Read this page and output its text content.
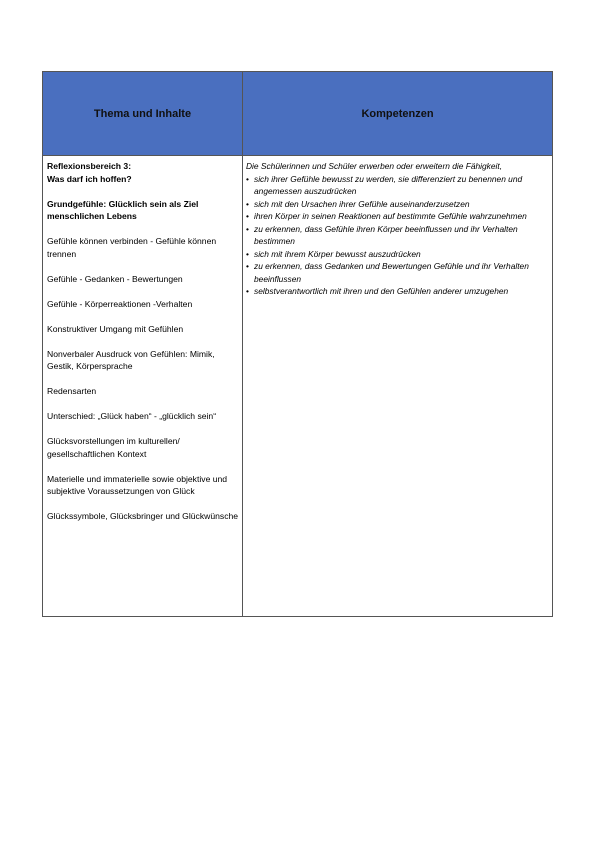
Thema und Inhalte	Kompetenzen

Reflexionsbereich 3:
Was darf ich hoffen?

Grundgefühle: Glücklich sein als Ziel menschlichen Lebens

Gefühle können verbinden - Gefühle können trennen

Gefühle - Gedanken - Bewertungen

Gefühle - Körperreaktionen -Verhalten

Konstruktiver Umgang mit Gefühlen

Nonverbaler Ausdruck von Gefühlen: Mimik, Gestik, Körpersprache

Redensarten

Unterschied: „Glück haben“ - „glücklich sein“

Glücksvorstellungen im kulturellen/ gesellschaftlichen Kontext

Materielle und immaterielle sowie objektive und subjektive Voraussetzungen von Glück

Glückssymbole, Glücksbringer und Glückwünsche

Die Schülerinnen und Schüler erwerben oder erweitern die Fähigkeit,

• sich ihrer Gefühle bewusst zu werden, sie differenziert zu benennen und angemessen auszudrücken
• sich mit den Ursachen ihrer Gefühle auseinanderzusetzen
• ihren Körper in seinen Reaktionen auf bestimmte Gefühle wahrzunehmen
• zu erkennen, dass Gefühle ihren Körper beeinflussen und ihr Verhalten bestimmen
• sich mit ihrem Körper bewusst auszudrücken
• zu erkennen, dass Gedanken und Bewertungen Gefühle und ihr Verhalten beeinflussen
• selbstverantwortlich mit ihren und den Gefühlen anderer umzugehen
